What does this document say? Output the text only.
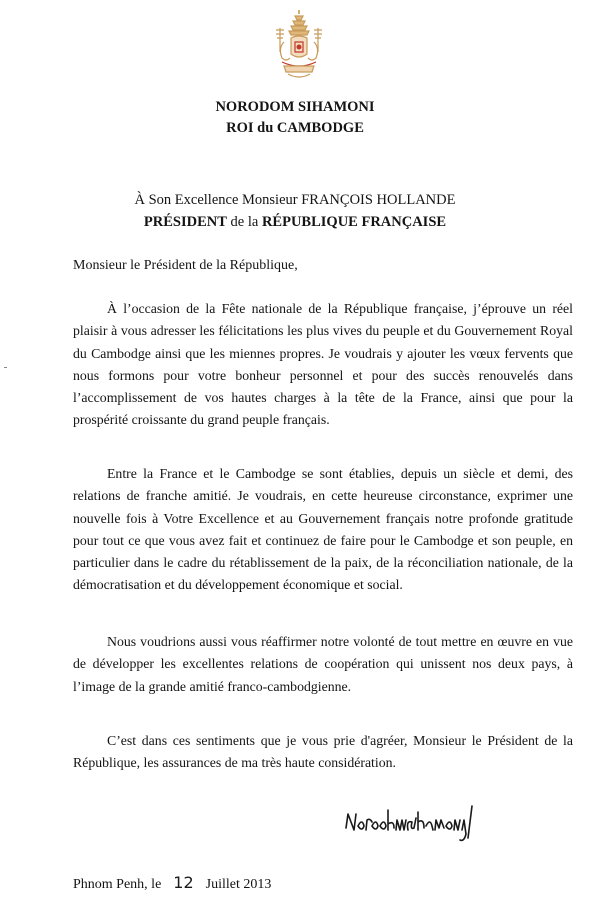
NORODOM SIHAMONI
ROI du CAMBODGE
À Son Excellence Monsieur FRANÇOIS HOLLANDE
PRÉSIDENT de la RÉPUBLIQUE FRANÇAISE
Monsieur le Président de la République,

À l’occasion de la Fête nationale de la République française, j’éprouve un réel plaisir à vous adresser les félicitations les plus vives du peuple et du Gouvernement Royal du Cambodge ainsi que les miennes propres. Je voudrais y ajouter les vœux fervents que nous formons pour votre bonheur personnel et pour des succès renouvelés dans l’accomplissement de vos hautes charges à la tête de la France, ainsi que pour la prospérité croissante du grand peuple français.

Entre la France et le Cambodge se sont établies, depuis un siècle et demi, des relations de franche amitié. Je voudrais, en cette heureuse circonstance, exprimer une nouvelle fois à Votre Excellence et au Gouvernement français notre profonde gratitude pour tout ce que vous avez fait et continuez de faire pour le Cambodge et son peuple, en particulier dans le cadre du rétablissement de la paix, de la réconciliation nationale, de la démocratisation et du développement économique et social.

Nous voudrions aussi vous réaffirmer notre volonté de tout mettre en œuvre en vue de développer les excellentes relations de coopération qui unissent nos deux pays, à l’image de la grande amitié franco-cambodgienne.

C’est dans ces sentiments que je vous prie d'agréer, Monsieur le Président de la République, les assurances de ma très haute considération.

Phnom Penh, le 12 Juillet 2013
